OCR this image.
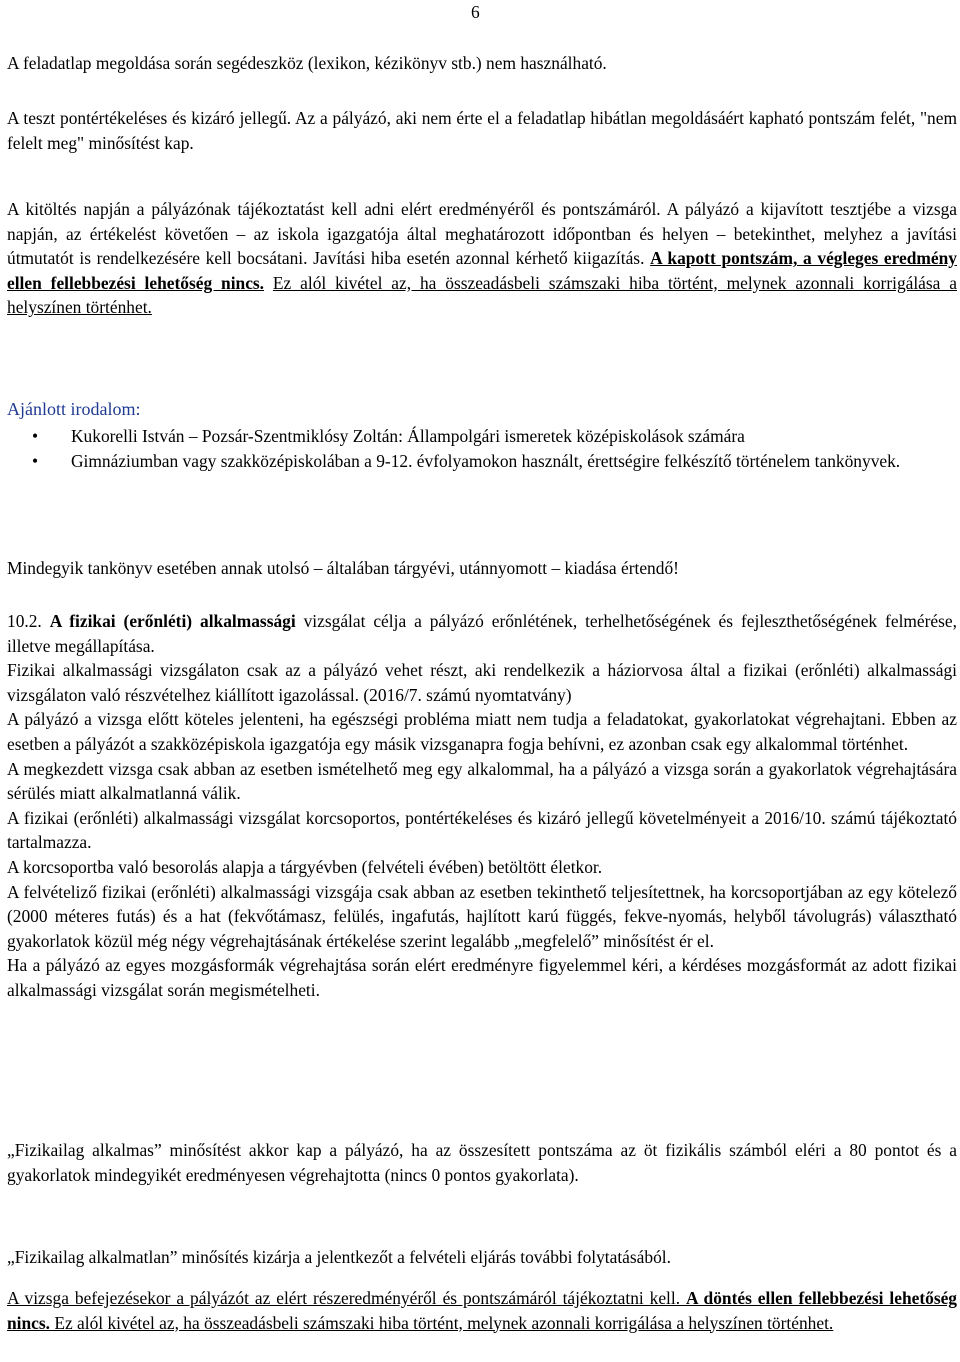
6

A feladatlap megoldása során segédeszköz (lexikon, kézikönyv stb.) nem használható.

A teszt pontértékeléses és kizáró jellegű. Az a pályázó, aki nem érte el a feladatlap hibátlan megoldásáért kapható pontszám felét, "nem felelt meg" minősítést kap.

A kitöltés napján a pályázónak tájékoztatást kell adni elért eredményéről és pontszámáról. A pályázó a kijavított tesztjébe a vizsga napján, az értékelést követően – az iskola igazgatója által meghatározott időpontban és helyen – betekinthet, melyhez a javítási útmutatót is rendelkezésére kell bocsátani. Javítási hiba esetén azonnal kérhető kiigazítás. A kapott pontszám, a végleges eredmény ellen fellebbezési lehetőség nincs. Ez alól kivétel az, ha összeadásbeli számszaki hiba történt, melynek azonnali korrigálása a helyszínen történhet.

Ajánlott irodalom:

• Kukorelli István – Pozsár-Szentmiklósy Zoltán: Állampolgári ismeretek középiskolások számára
• Gimnáziumban vagy szakközépiskolában a 9-12. évfolyamokon használt, érettségire felkészítő történelem tankönyvek.

Mindegyik tankönyv esetében annak utolsó – általában tárgyévi, utánnyomott – kiadása értendő!

10.2. A fizikai (erőnléti) alkalmassági vizsgálat célja a pályázó erőnlétének, terhelhetőségének és fejleszthetőségének felmérése, illetve megállapítása.

Fizikai alkalmassági vizsgálaton csak az a pályázó vehet részt, aki rendelkezik a háziorvosa által a fizikai (erőnléti) alkalmassági vizsgálaton való részvételhez kiállított igazolással. (2016/7. számú nyomtatvány)

A pályázó a vizsga előtt köteles jelenteni, ha egészségi probléma miatt nem tudja a feladatokat, gyakorlatokat végrehajtani. Ebben az esetben a pályázót a szakközépiskola igazgatója egy másik vizsganapra fogja behívni, ez azonban csak egy alkalommal történhet.

A megkezdett vizsga csak abban az esetben ismételhető meg egy alkalommal, ha a pályázó a vizsga során a gyakorlatok végrehajtására sérülés miatt alkalmatlanná válik.

A fizikai (erőnléti) alkalmassági vizsgálat korcsoportos, pontértékeléses és kizáró jellegű követelményeit a 2016/10. számú tájékoztató tartalmazza.

A korcsoportba való besorolás alapja a tárgyévben (felvételi évében) betöltött életkor.

A felvételiző fizikai (erőnléti) alkalmassági vizsgája csak abban az esetben tekinthető teljesítettnek, ha korcsoportjában az egy kötelező (2000 méteres futás) és a hat (fekvőtámasz, felülés, ingafutás, hajlított karú függés, fekve-nyomás, helyből távolugrás) választható gyakorlatok közül még négy végrehajtásának értékelése szerint legalább „megfelelő” minősítést ér el.

Ha a pályázó az egyes mozgásformák végrehajtása során elért eredményre figyelemmel kéri, a kérdéses mozgásformát az adott fizikai alkalmassági vizsgálat során megismételheti.

„Fizikailag alkalmas” minősítést akkor kap a pályázó, ha az összesített pontszáma az öt fizikális számból eléri a 80 pontot és a gyakorlatok mindegyikét eredményesen végrehajtotta (nincs 0 pontos gyakorlata).

„Fizikailag alkalmatlan” minősítés kizárja a jelentkezőt a felvételi eljárás további folytatásából.

A vizsga befejezésekor a pályázót az elért részeredményéről és pontszámáról tájékoztatni kell. A döntés ellen fellebbezési lehetőség nincs. Ez alól kivétel az, ha összeadásbeli számszaki hiba történt, melynek azonnali korrigálása a helyszínen történhet.
